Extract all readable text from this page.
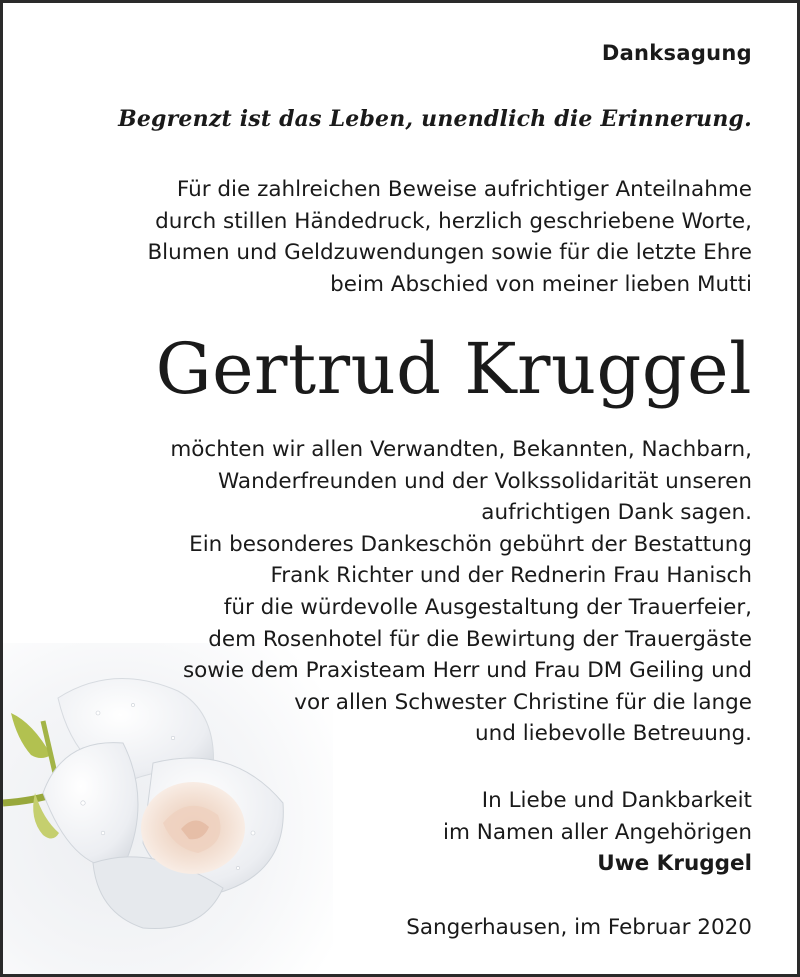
Danksagung
Begrenzt ist das Leben, unendlich die Erinnerung.
Für die zahlreichen Beweise aufrichtiger Anteilnahme
durch stillen Händedruck, herzlich geschriebene Worte,
Blumen und Geldzuwendungen sowie für die letzte Ehre
beim Abschied von meiner lieben Mutti
Gertrud Kruggel
möchten wir allen Verwandten, Bekannten, Nachbarn,
Wanderfreunden und der Volkssolidarität unseren
aufrichtigen Dank sagen.
Ein besonderes Dankeschön gebührt der Bestattung
Frank Richter und der Rednerin Frau Hanisch
für die würdevolle Ausgestaltung der Trauerfeier,
dem Rosenhotel für die Bewirtung der Trauergäste
sowie dem Praxisteam Herr und Frau DM Geiling und
vor allen Schwester Christine für die lange
und liebevolle Betreuung.
In Liebe und Dankbarkeit
im Namen aller Angehörigen
Uwe Kruggel
Sangerhausen, im Februar 2020
